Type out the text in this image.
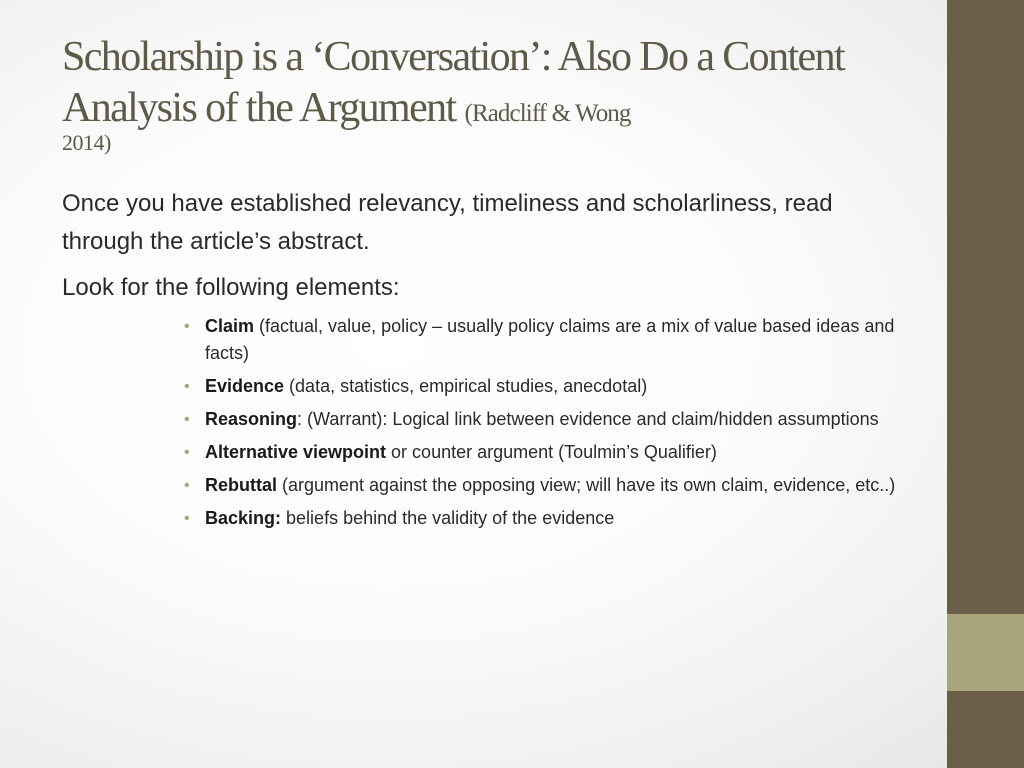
Scholarship is a ‘Conversation’: Also Do a Content Analysis of the Argument (Radcliff & Wong
2014)

Once you have established relevancy, timeliness and scholarliness, read through the article’s abstract.

Look for the following elements:

• Claim (factual, value, policy – usually policy claims are a mix of value based ideas and facts)
• Evidence (data, statistics, empirical studies, anecdotal)
• Reasoning: (Warrant): Logical link between evidence and claim/hidden assumptions
• Alternative viewpoint or counter argument (Toulmin’s Qualifier)
• Rebuttal (argument against the opposing view; will have its own claim, evidence, etc..)
• Backing: beliefs behind the validity of the evidence
